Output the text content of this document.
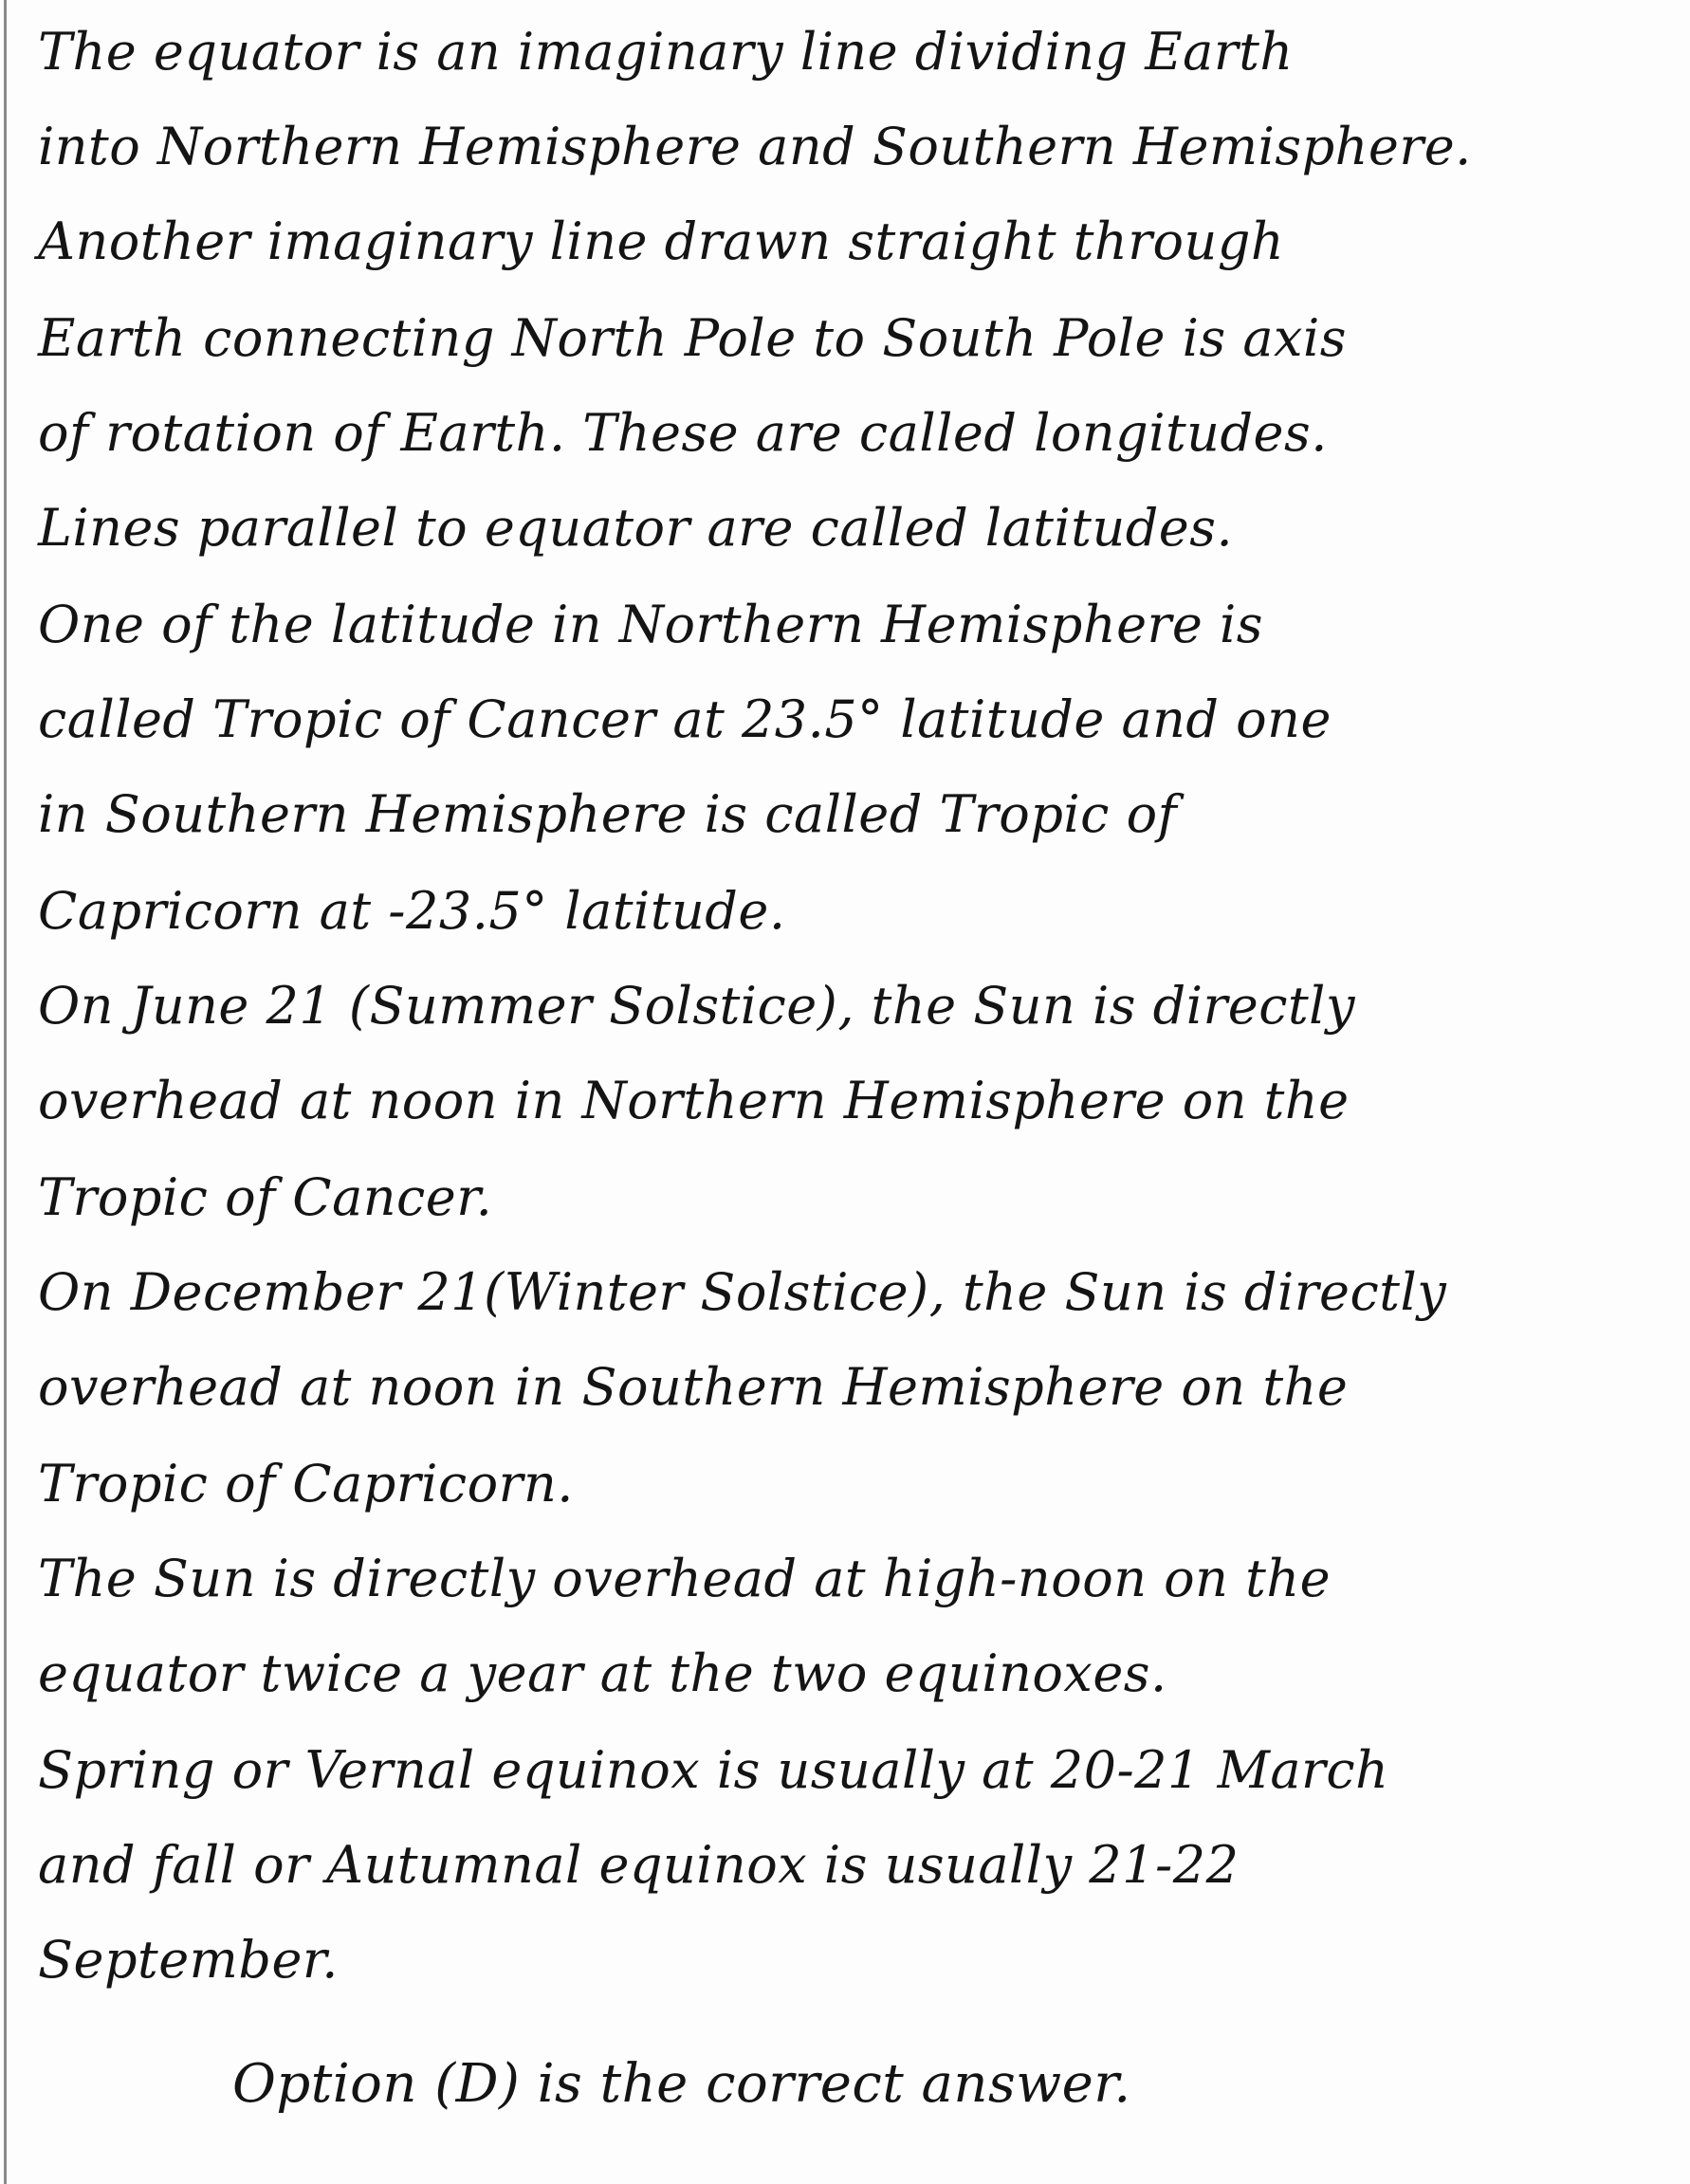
The equator is an imaginary line dividing Earth
into Northern Hemisphere and Southern Hemisphere.
Another imaginary line drawn straight through
Earth connecting North Pole to South Pole is axis
of rotation of Earth. These are called longitudes.
Lines parallel to equator are called latitudes.
One of the latitude in Northern Hemisphere is
called Tropic of Cancer at 23.5° latitude and one
in Southern Hemisphere is called Tropic of
Capricorn at -23.5° latitude.
On June 21 (Summer Solstice), the Sun is directly
overhead at noon in Northern Hemisphere on the
Tropic of Cancer.
On December 21(Winter Solstice), the Sun is directly
overhead at noon in Southern Hemisphere on the
Tropic of Capricorn.
The Sun is directly overhead at high-noon on the
equator twice a year at the two equinoxes.
Spring or Vernal equinox is usually at 20-21 March
and fall or Autumnal equinox is usually 21-22
September.
Option (D) is the correct answer.
